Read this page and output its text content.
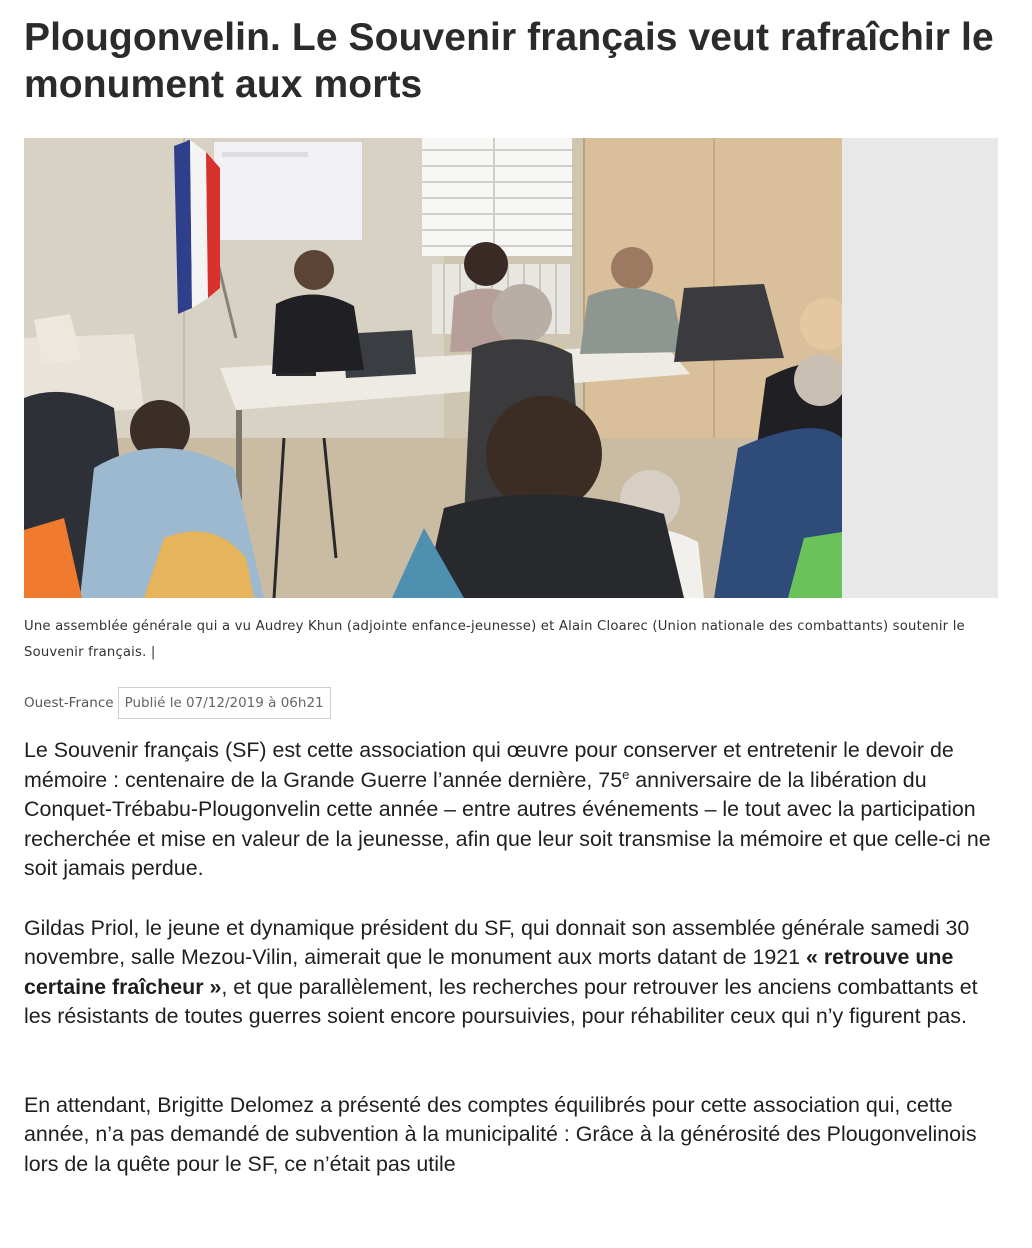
Plougonvelin. Le Souvenir français veut rafraîchir le monument aux morts
Une assemblée générale qui a vu Audrey Khun (adjointe enfance-jeunesse) et Alain Cloarec (Union nationale des combattants) soutenir le Souvenir français. |
Ouest-France Publié le 07/12/2019 à 06h21

Le Souvenir français (SF) est cette association qui œuvre pour conserver et entretenir le devoir de mémoire : centenaire de la Grande Guerre l’année dernière, 75e anniversaire de la libération du Conquet-Trébabu-Plougonvelin cette année – entre autres événements – le tout avec la participation recherchée et mise en valeur de la jeunesse, afin que leur soit transmise la mémoire et que celle-ci ne soit jamais perdue.

Gildas Priol, le jeune et dynamique président du SF, qui donnait son assemblée générale samedi 30 novembre, salle Mezou-Vilin, aimerait que le monument aux morts datant de 1921 « retrouve une certaine fraîcheur », et que parallèlement, les recherches pour retrouver les anciens combattants et les résistants de toutes guerres soient encore poursuivies, pour réhabiliter ceux qui n’y figurent pas.

En attendant, Brigitte Delomez a présenté des comptes équilibrés pour cette association qui, cette année, n’a pas demandé de subvention à la municipalité : Grâce à la générosité des Plougonvelinois lors de la quête pour le SF, ce n’était pas utile
